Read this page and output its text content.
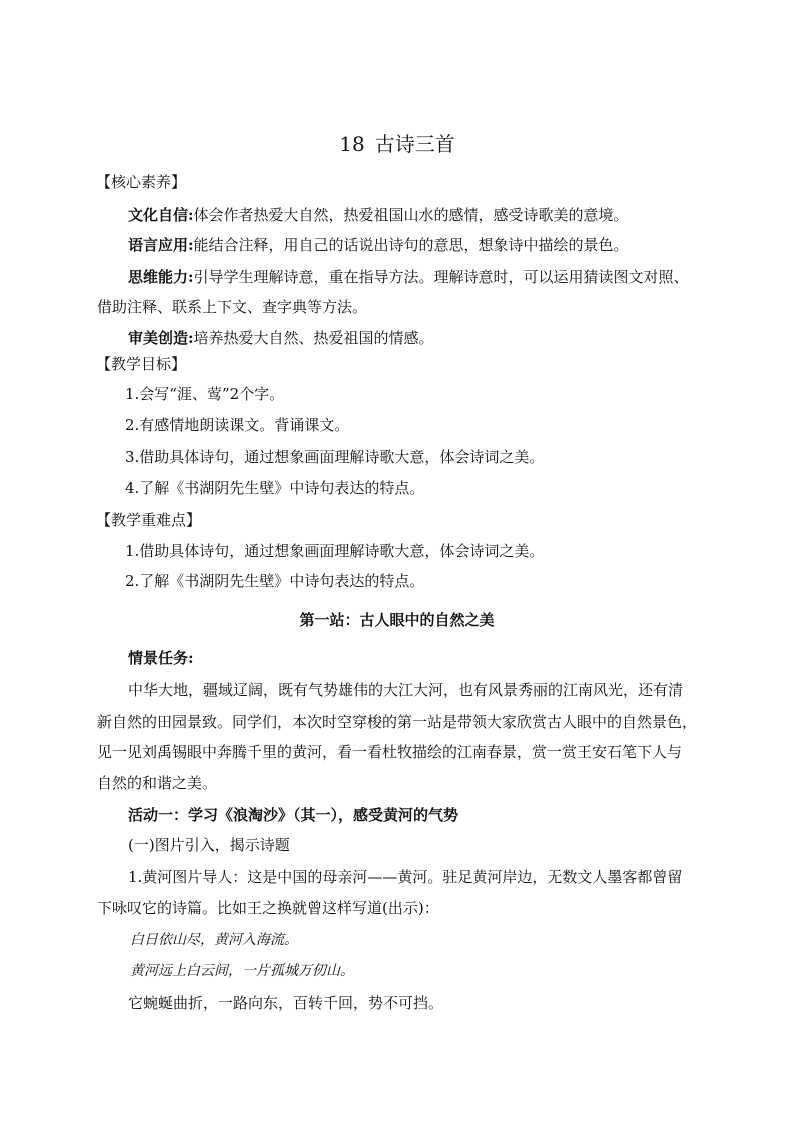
18 古诗三首
【核心素养】
文化自信:体会作者热爱大自然，热爱祖国山水的感情，感受诗歌美的意境。
语言应用:能结合注释，用自己的话说出诗句的意思，想象诗中描绘的景色。
思维能力:引导学生理解诗意，重在指导方法。理解诗意时，可以运用猜读图文对照、
借助注释、联系上下文、查字典等方法。
审美创造:培养热爱大自然、热爱祖国的情感。
【教学目标】
1.会写“涯、莺”2个字。
2.有感情地朗读课文。背诵课文。
3.借助具体诗句，通过想象画面理解诗歌大意，体会诗词之美。
4.了解《书湖阴先生壁》中诗句表达的特点。
【教学重难点】
1.借助具体诗句，通过想象画面理解诗歌大意，体会诗词之美。
2.了解《书湖阴先生壁》中诗句表达的特点。
第一站：古人眼中的自然之美
情景任务:
中华大地，疆域辽阔，既有气势雄伟的大江大河，也有风景秀丽的江南风光，还有清
新自然的田园景致。同学们，本次时空穿梭的第一站是带领大家欣赏古人眼中的自然景色，
见一见刘禹锡眼中奔腾千里的黄河，看一看杜牧描绘的江南春景，赏一赏王安石笔下人与
自然的和谐之美。
活动一：学习《浪淘沙》（其一），感受黄河的气势
(一)图片引入，揭示诗题
1.黄河图片导人：这是中国的母亲河——黄河。驻足黄河岸边，无数文人墨客都曾留
下咏叹它的诗篇。比如王之换就曾这样写道(出示)：
白日依山尽，黄河入海流。
黄河远上白云间，一片孤城万仞山。
它蜿蜒曲折，一路向东，百转千回，势不可挡。
